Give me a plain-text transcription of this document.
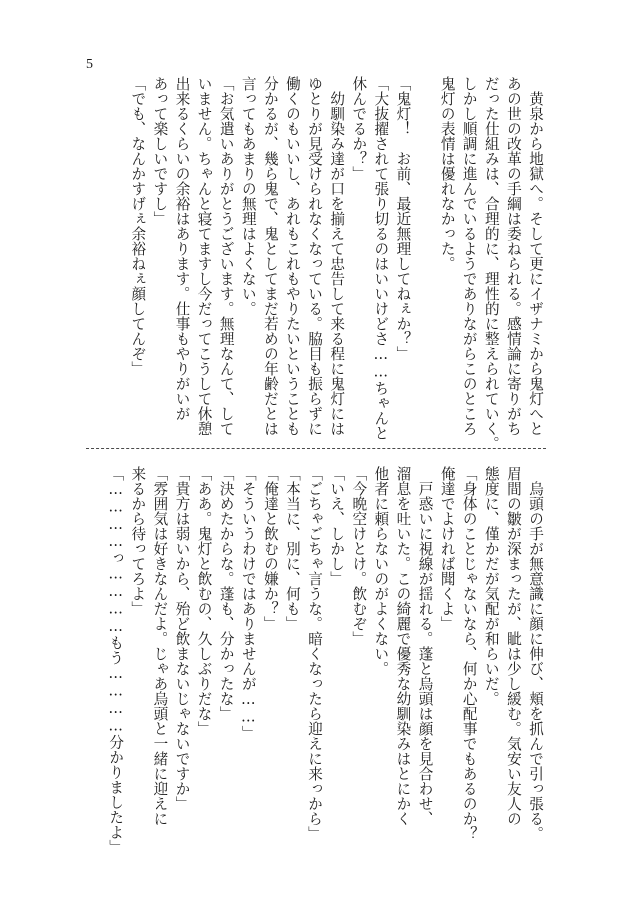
5
　黄泉から地獄へ。そして更にイザナミから鬼灯へと
あの世の改革の手綱は委ねられる。感情論に寄りがち
だった仕組みは、合理的に、理性的に整えられていく。
しかし順調に進んでいるようでありながらこのところ
鬼灯の表情は優れなかった。

「鬼灯！　お前、最近無理してねぇか？」
「大抜擢されて張り切るのはいいけどさ……ちゃんと
休んでるか？」
　幼馴染み達が口を揃えて忠告して来る程に鬼灯には
ゆとりが見受けられなくなっている。脇目も振らずに
働くのもいいし、あれもこれもやりたいということも
分かるが、幾ら鬼で、鬼としてまだ若めの年齢だとは
言ってもあまりの無理はよくない。
「お気遣いありがとうございます。無理なんて、して
いません。ちゃんと寝てますし今だってこうして休憩
出来るくらいの余裕はあります。仕事もやりがいが
あって楽しいですし」
「でも、なんかすげぇ余裕ねぇ顔してんぞ」
　烏頭の手が無意識に顔に伸び、頬を抓んで引っ張る。
眉間の皺が深まったが、眦は少し緩む。気安い友人の
態度に、僅かだが気配が和らいだ。
「身体のことじゃないなら、何か心配事でもあるのか？
俺達でよければ聞くよ」
　戸惑いに視線が揺れる。蓬と烏頭は顔を見合わせ、
溜息を吐いた。この綺麗で優秀な幼馴染みはとにかく
他者に頼らないのがよくない。
「今晩空けとけ。飲むぞ」
「いえ、しかし」
「ごちゃごちゃ言うな。暗くなったら迎えに来っから」
「本当に、別に、何も」
「俺達と飲むの嫌か？」
「そういうわけではありませんが……」
「決めたからな。蓬も、分かったな」
「ああ。鬼灯と飲むの、久しぶりだな」
「貴方は弱いから、殆ど飲まないじゃないですか」
「雰囲気は好きなんだよ。じゃあ烏頭と一緒に迎えに
来るから待ってろよ」
「…………っ…………もう…………分かりましたよ」
